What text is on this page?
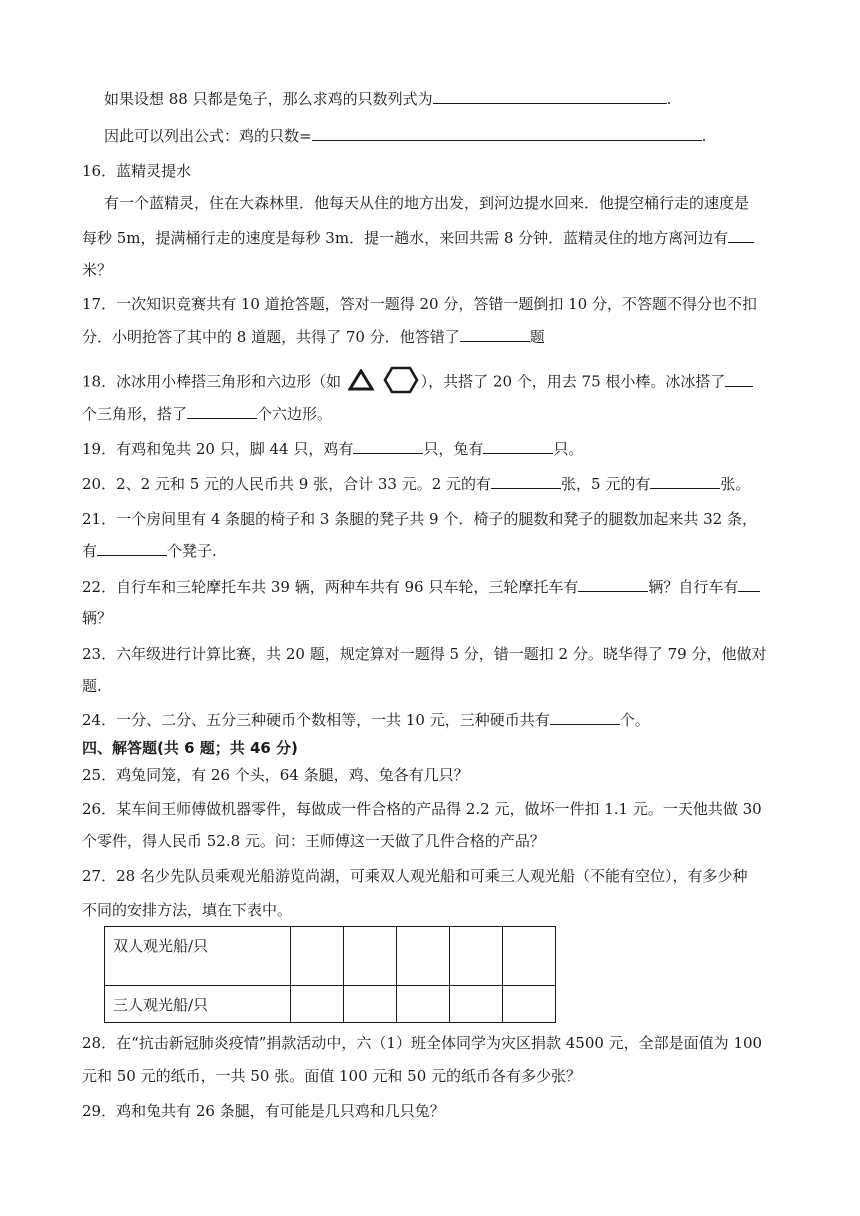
如果设想 88 只都是兔子，那么求鸡的只数列式为	.
因此可以列出公式：鸡的只数=	.
16．蓝精灵提水
有一个蓝精灵，住在大森林里．他每天从住的地方出发，到河边提水回来．他提空桶行走的速度是
每秒 5m，提满桶行走的速度是每秒 3m．提一趟水，来回共需 8 分钟．蓝精灵住的地方离河边有
米？
17．一次知识竞赛共有 10 道抢答题，答对一题得 20 分，答错一题倒扣 10 分，不答题不得分也不扣
分．小明抢答了其中的 8 道题，共得了 70 分．他答错了	题
18．冰冰用小棒搭三角形和六边形（如	），共搭了 20 个，用去 75 根小棒。冰冰搭了
个三角形，搭了	个六边形。
19．有鸡和兔共 20 只，脚 44 只，鸡有	只，兔有	只。
20．2、2 元和 5 元的人民币共 9 张，合计 33 元。2 元的有	张，5 元的有	张。
21．一个房间里有 4 条腿的椅子和 3 条腿的凳子共 9 个．椅子的腿数和凳子的腿数加起来共 32 条，
有	个凳子.
22．自行车和三轮摩托车共 39 辆，两种车共有 96 只车轮，三轮摩托车有	辆？自行车有
辆？
23．六年级进行计算比赛，共 20 题，规定算对一题得 5 分，错一题扣 2 分。晓华得了 79 分，他做对
题.
24．一分、二分、五分三种硬币个数相等，一共 10 元，三种硬币共有	个。
四、解答题(共 6 题；共 46 分)
25．鸡兔同笼，有 26 个头，64 条腿，鸡、兔各有几只？
26．某车间王师傅做机器零件，每做成一件合格的产品得 2.2 元，做坏一件扣 1.1 元。一天他共做 30
个零件，得人民币 52.8 元。问：王师傅这一天做了几件合格的产品？
27．28 名少先队员乘观光船游览尚湖，可乘双人观光船和可乘三人观光船（不能有空位），有多少种
不同的安排方法，填在下表中。
双人观光船/只					
三人观光船/只					
28．在“抗击新冠肺炎疫情”捐款活动中，六（1）班全体同学为灾区捐款 4500 元，全部是面值为 100
元和 50 元的纸币，一共 50 张。面值 100 元和 50 元的纸币各有多少张？
29．鸡和兔共有 26 条腿，有可能是几只鸡和几只兔？
